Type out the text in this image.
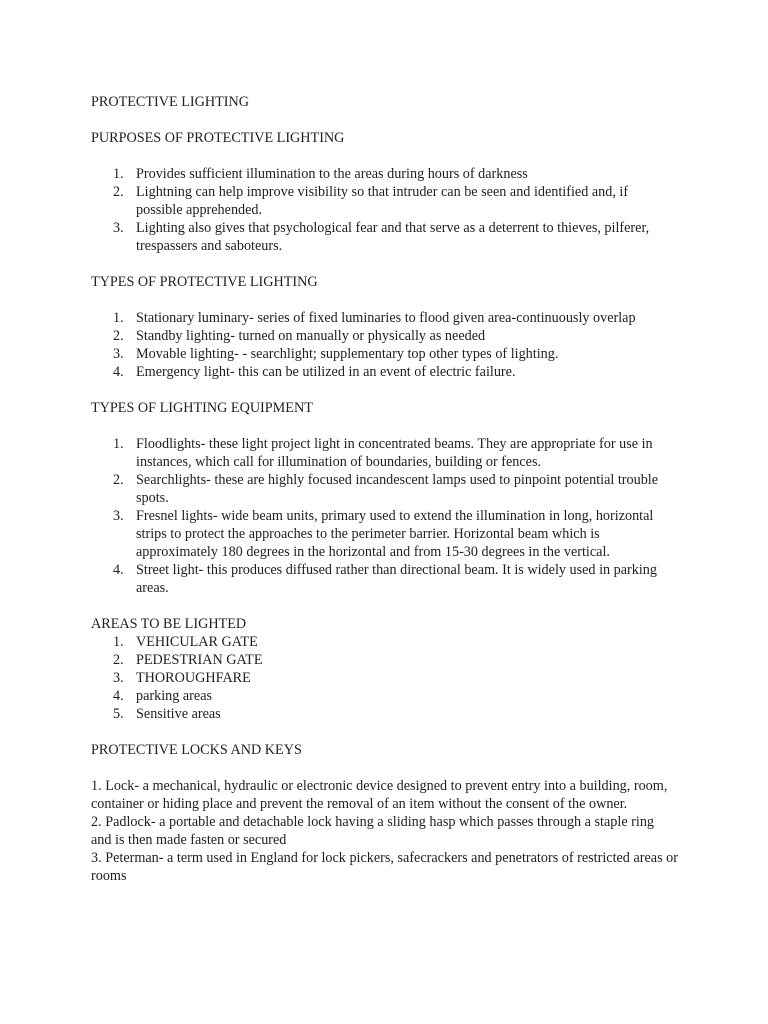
PROTECTIVE LIGHTING

PURPOSES OF PROTECTIVE LIGHTING

1. Provides sufficient illumination to the areas during hours of darkness
2. Lightning can help improve visibility so that intruder can be seen and identified and, if possible apprehended.
3. Lighting also gives that psychological fear and that serve as a deterrent to thieves, pilferer, trespassers and saboteurs.

TYPES OF PROTECTIVE LIGHTING

1. Stationary luminary- series of fixed luminaries to flood given area-continuously overlap
2. Standby lighting- turned on manually or physically as needed
3. Movable lighting- - searchlight; supplementary top other types of lighting.
4. Emergency light- this can be utilized in an event of electric failure.

TYPES OF LIGHTING EQUIPMENT

1. Floodlights- these light project light in concentrated beams. They are appropriate for use in instances, which call for illumination of boundaries, building or fences.
2. Searchlights- these are highly focused incandescent lamps used to pinpoint potential trouble spots.
3. Fresnel lights- wide beam units, primary used to extend the illumination in long, horizontal strips to protect the approaches to the perimeter barrier. Horizontal beam which is approximately 180 degrees in the horizontal and from 15-30 degrees in the vertical.
4. Street light- this produces diffused rather than directional beam. It is widely used in parking areas.

AREAS TO BE LIGHTED

1. VEHICULAR GATE
2. PEDESTRIAN GATE
3. THOROUGHFARE
4. parking areas
5. Sensitive areas

PROTECTIVE LOCKS AND KEYS

1. Lock- a mechanical, hydraulic or electronic device designed to prevent entry into a building, room, container or hiding place and prevent the removal of an item without the consent of the owner.

2. Padlock- a portable and detachable lock having a sliding hasp which passes through a staple ring and is then made fasten or secured

3. Peterman- a term used in England for lock pickers, safecrackers and penetrators of restricted areas or rooms
